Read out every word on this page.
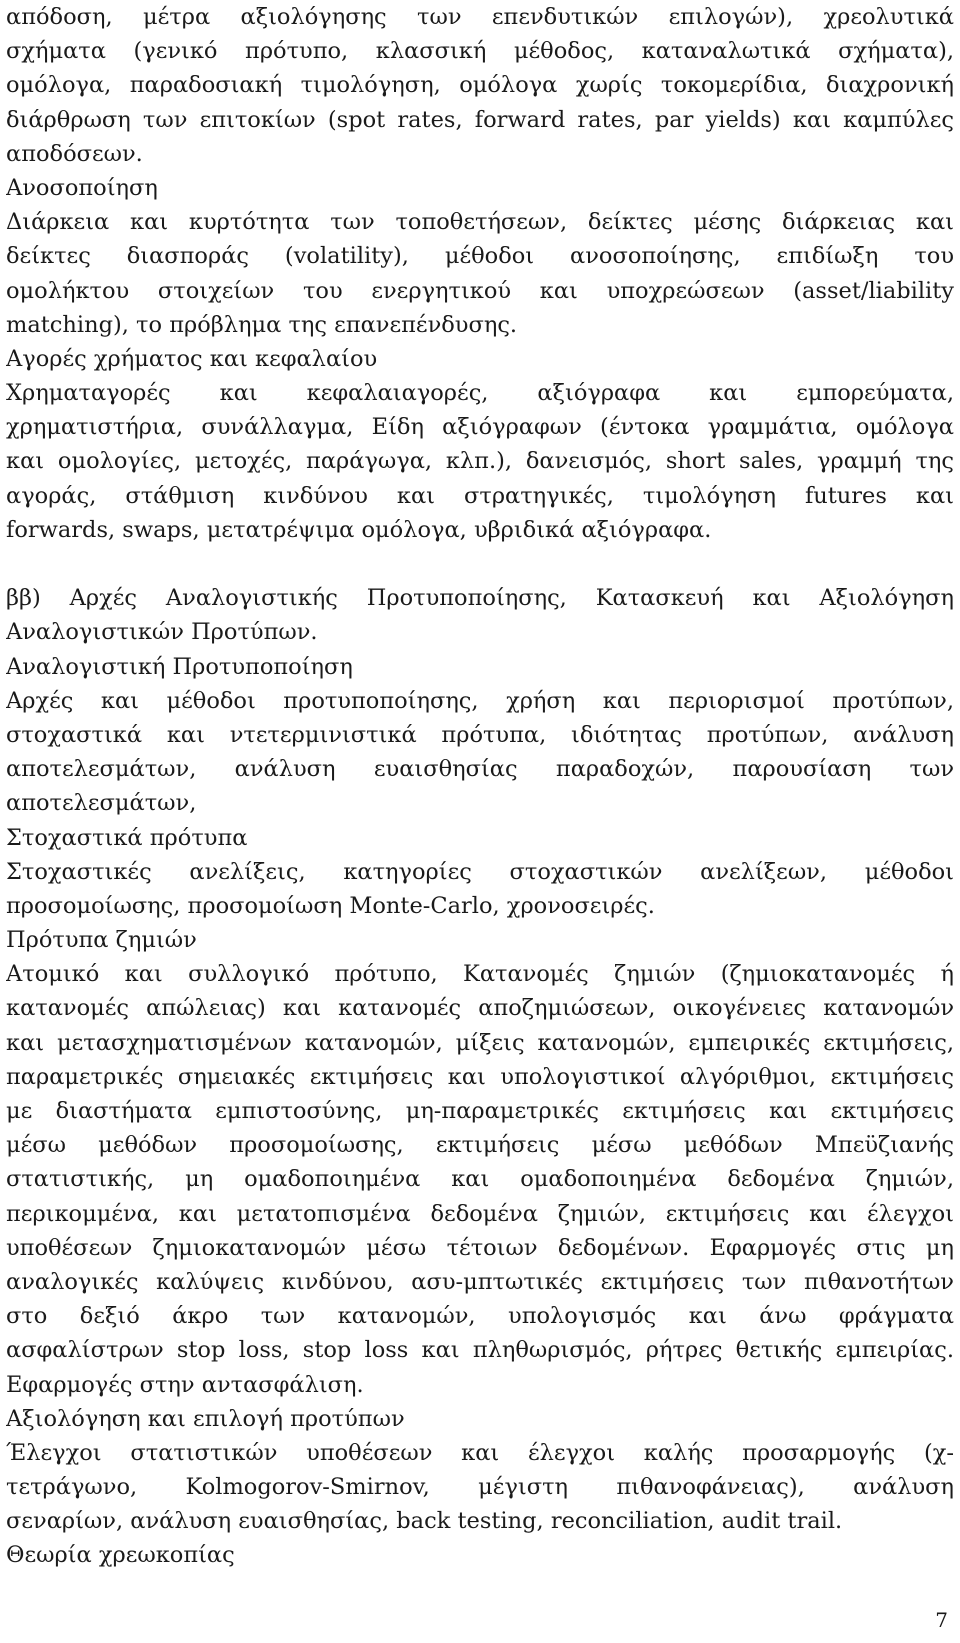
απόδοση, μέτρα αξιολόγησης των επενδυτικών επιλογών), χρεολυτικά
σχήματα (γενικό πρότυπο, κλασσική μέθοδος, καταναλωτικά σχήματα),
ομόλογα, παραδοσιακή τιμολόγηση, ομόλογα χωρίς τοκομερίδια, διαχρονική
διάρθρωση των επιτοκίων (spot rates, forward rates, par yields) και καμπύλες
αποδόσεων.
Ανοσοποίηση
Διάρκεια και κυρτότητα των τοποθετήσεων, δείκτες μέσης διάρκειας και
δείκτες διασποράς (volatility), μέθοδοι ανοσοποίησης, επιδίωξη του
ομολήκτου στοιχείων του ενεργητικού και υποχρεώσεων (asset/liability
matching), το πρόβλημα της επανεπένδυσης.
Αγορές χρήματος και κεφαλαίου
Χρηματαγορές και κεφαλαιαγορές, αξιόγραφα και εμπορεύματα,
χρηματιστήρια, συνάλλαγμα, Είδη αξιόγραφων (έντοκα γραμμάτια, ομόλογα
και ομολογίες, μετοχές, παράγωγα, κλπ.), δανεισμός, short sales, γραμμή της
αγοράς, στάθμιση κινδύνου και στρατηγικές, τιμολόγηση futures και
forwards, swaps, μετατρέψιμα ομόλογα, υβριδικά αξιόγραφα.
ββ) Αρχές Αναλογιστικής Προτυποποίησης, Κατασκευή και Αξιολόγηση
Αναλογιστικών Προτύπων.
Αναλογιστική Προτυποποίηση
Αρχές και μέθοδοι προτυποποίησης, χρήση και περιορισμοί προτύπων,
στοχαστικά και ντετερμινιστικά πρότυπα, ιδιότητας προτύπων, ανάλυση
αποτελεσμάτων, ανάλυση ευαισθησίας παραδοχών, παρουσίαση των
αποτελεσμάτων,
Στοχαστικά πρότυπα
Στοχαστικές ανελίξεις, κατηγορίες στοχαστικών ανελίξεων, μέθοδοι
προσομοίωσης, προσομοίωση Monte-Carlo, χρονοσειρές.
Πρότυπα ζημιών
Ατομικό και συλλογικό πρότυπο, Κατανομές ζημιών (ζημιοκατανομές ή
κατανομές απώλειας) και κατανομές αποζημιώσεων, οικογένειες κατανομών
και μετασχηματισμένων κατανομών, μίξεις κατανομών, εμπειρικές εκτιμήσεις,
παραμετρικές σημειακές εκτιμήσεις και υπολογιστικοί αλγόριθμοι, εκτιμήσεις
με διαστήματα εμπιστοσύνης, μη-παραμετρικές εκτιμήσεις και εκτιμήσεις
μέσω μεθόδων προσομοίωσης, εκτιμήσεις μέσω μεθόδων Μπεϋζιανής
στατιστικής, μη ομαδοποιημένα και ομαδοποιημένα δεδομένα ζημιών,
περικομμένα, και μετατοπισμένα δεδομένα ζημιών, εκτιμήσεις και έλεγχοι
υποθέσεων ζημιοκατανομών μέσω τέτοιων δεδομένων. Εφαρμογές στις μη
αναλογικές καλύψεις κινδύνου, ασυ-μπτωτικές εκτιμήσεις των πιθανοτήτων
στο δεξιό άκρο των κατανομών, υπολογισμός και άνω φράγματα
ασφαλίστρων stop loss, stop loss και πληθωρισμός, ρήτρες θετικής εμπειρίας.
Εφαρμογές στην αντασφάλιση.
Αξιολόγηση και επιλογή προτύπων
Έλεγχοι στατιστικών υποθέσεων και έλεγχοι καλής προσαρμογής (χ-
τετράγωνο, Kolmogorov-Smirnov, μέγιστη πιθανοφάνειας), ανάλυση
σεναρίων, ανάλυση ευαισθησίας, back testing, reconciliation, audit trail.
Θεωρία χρεωκοπίας
7
